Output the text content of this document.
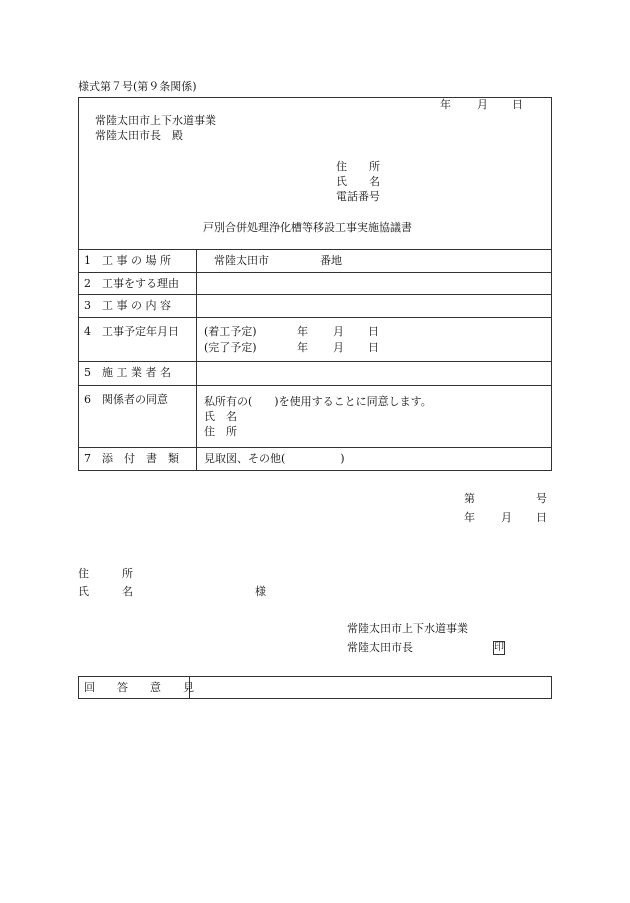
様式第７号(第９条関係)
年 月 日
常陸太田市上下水道事業
常陸太田市長　殿
住　　所
氏　　名
電話番号
戸別合併処理浄化槽等移設工事実施協議書
1 工 事 の 場 所	常陸太田市	番地
2 工事をする理由
3 工 事 の 内 容
4 工事予定年月日 (着工予定)	年 月 日
(完了予定)	年 月 日
5 施 工 業 者 名
6 関係者の同意	私所有の(　　)を使用することに同意します。
氏　名
住　所
7 添　付　書　類 見取図、その他(　　　　　)
第	号
年 月 日
住　　　所
氏　　　名	様
常陸太田市上下水道事業
常陸太田市長	印
回　　答　　意　　見
